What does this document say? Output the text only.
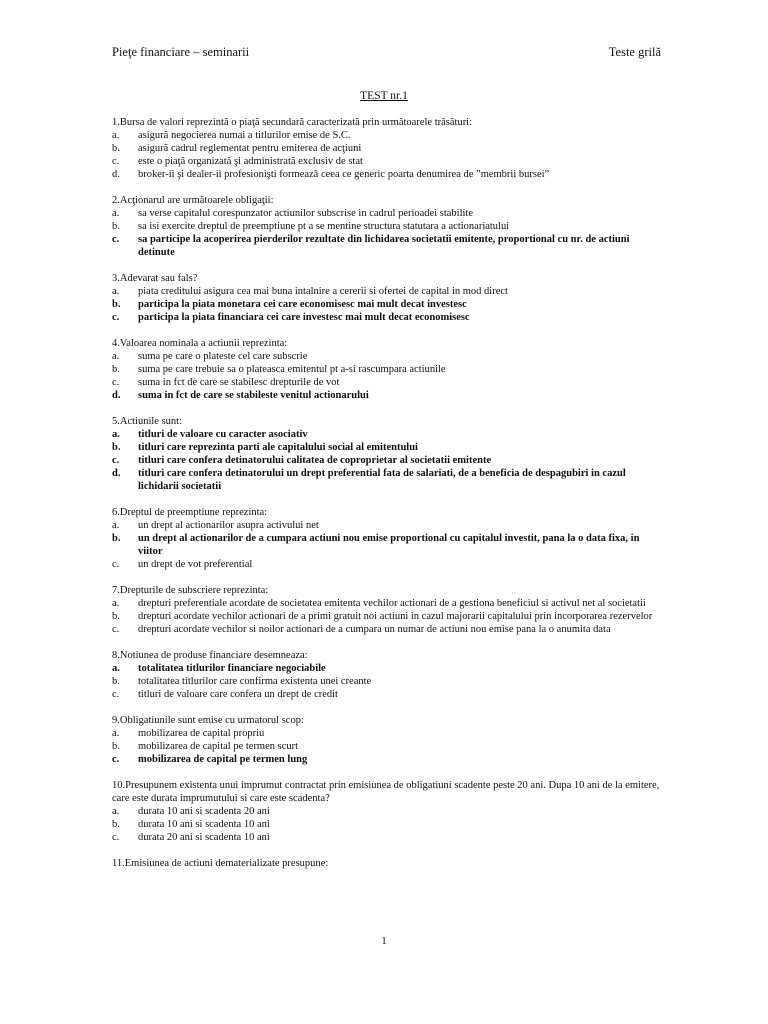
Pieţe financiare – seminarii	Teste grilă
TEST nr.1
1.Bursa de valori reprezintă o piaţă secundară caracterizată prin următoarele trăsături:
a.	asigură negocierea numai a titlurilor emise de S.C.
b.	asigură cadrul reglementat pentru emiterea de acţiuni
c.	este o piaţă organizată şi administrată exclusiv de stat
d.	broker-ii şi dealer-ii profesionişti formează ceea ce generic poarta denumirea de ”membrii bursei”
2.Acţionarul are următoarele obligaţii:
a.	sa verse capitalul corespunzator actiunilor subscrise in cadrul perioadei stabilite
b.	sa isi exercite dreptul de preemptiune pt a se mentine structura statutara a actionariatului
c.	sa participe la acoperirea pierderilor rezultate din lichidarea societatii emitente, proportional cu nr. de actiuni detinute
3.Adevarat sau fals?
a.	piata creditului asigura cea mai buna intalnire a cererii si ofertei de capital in mod direct
b.	participa la piata monetara cei care economisesc mai mult decat investesc
c.	participa la piata financiara cei care investesc mai mult decat economisesc
4.Valoarea nominala a actiunii reprezinta:
a.	suma pe care o plateste cel care subscrie
b.	suma pe care trebuie sa o plateasca emitentul pt a-si rascumpara actiunile
c.	suma in fct de care se stabilesc drepturile de vot
d.	suma in fct de care se stabileste venitul actionarului
5.Actiunile sunt:
a.	titluri de valoare cu caracter asociativ
b.	titluri care reprezinta parti ale capitalului social al emitentului
c.	titluri care confera detinatorului calitatea de coproprietar al societatii emitente
d.	titluri care confera detinatorului un drept preferential fata de salariati, de a beneficia de despagubiri in cazul lichidarii societatii
6.Dreptul de preemptiune reprezinta:
a.	un drept al actionarilor asupra activului net
b.	un drept al actionarilor de a cumpara actiuni nou emise proportional cu capitalul investit, pana la o data fixa, in viitor
c.	un drept de vot preferential
7.Drepturile de subscriere reprezinta:
a.	drepturi preferentiale acordate de societatea emitenta vechilor actionari de a gestiona beneficiul si activul net al societatii
b.	drepturi acordate vechilor actionari de a primi gratuit noi actiuni in cazul majorarii capitalului prin incorporarea rezervelor
c.	drepturi acordate vechilor si noilor actionari de a cumpara un numar de actiuni nou emise pana la o anumita data
8.Notiunea de produse financiare desemneaza:
a.	totalitatea titlurilor financiare negociabile
b.	totalitatea titlurilor care confirma existenta unei creante
c.	titluri de valoare care confera un drept de credit
9.Obligatiunile sunt emise cu urmatorul scop:
a.	mobilizarea de capital propriu
b.	mobilizarea de capital pe termen scurt
c.	mobilizarea de capital pe termen lung
10.Presupunem existenta unui imprumut contractat prin emisiunea de obligatiuni scadente peste 20 ani. Dupa 10 ani de la emitere, care este durata imprumutului si care este scadenta?
a.	durata 10 ani si scadenta 20 ani
b.	durata 10 ani si scadenta 10 ani
c.	durata 20 ani si scadenta 10 ani
11.Emisiunea de actiuni dematerializate presupune:
1
